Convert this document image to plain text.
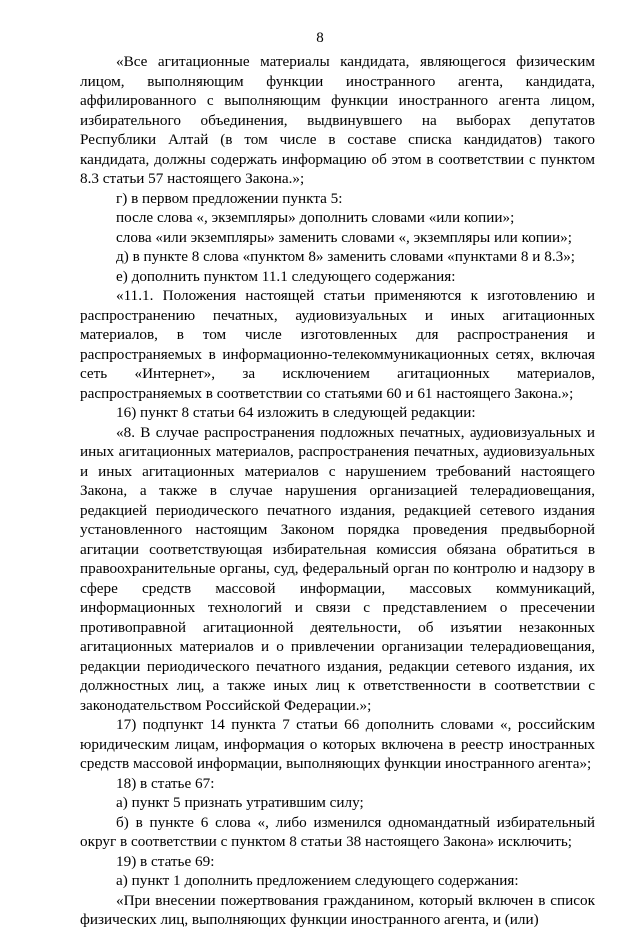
8

«Все агитационные материалы кандидата, являющегося физическим лицом, выполняющим функции иностранного агента, кандидата, аффилированного с выполняющим функции иностранного агента лицом, избирательного объединения, выдвинувшего на выборах депутатов Республики Алтай (в том числе в составе списка кандидатов) такого кандидата, должны содержать информацию об этом в соответствии с пунктом 8.3 статьи 57 настоящего Закона.»;

г) в первом предложении пункта 5:

после слова «, экземпляры» дополнить словами «или копии»;

слова «или экземпляры» заменить словами «, экземпляры или копии»;

д) в пункте 8 слова «пунктом 8» заменить словами «пунктами 8 и 8.3»;

е) дополнить пунктом 11.1 следующего содержания:

«11.1. Положения настоящей статьи применяются к изготовлению и распространению печатных, аудиовизуальных и иных агитационных материалов, в том числе изготовленных для распространения и распространяемых в информационно-телекоммуникационных сетях, включая сеть «Интернет», за исключением агитационных материалов, распространяемых в соответствии со статьями 60 и 61 настоящего Закона.»;

16) пункт 8 статьи 64 изложить в следующей редакции:

«8. В случае распространения подложных печатных, аудиовизуальных и иных агитационных материалов, распространения печатных, аудиовизуальных и иных агитационных материалов с нарушением требований настоящего Закона, а также в случае нарушения организацией телерадиовещания, редакцией периодического печатного издания, редакцией сетевого издания установленного настоящим Законом порядка проведения предвыборной агитации соответствующая избирательная комиссия обязана обратиться в правоохранительные органы, суд, федеральный орган по контролю и надзору в сфере средств массовой информации, массовых коммуникаций, информационных технологий и связи с представлением о пресечении противоправной агитационной деятельности, об изъятии незаконных агитационных материалов и о привлечении организации телерадиовещания, редакции периодического печатного издания, редакции сетевого издания, их должностных лиц, а также иных лиц к ответственности в соответствии с законодательством Российской Федерации.»;

17) подпункт 14 пункта 7 статьи 66 дополнить словами «, российским юридическим лицам, информация о которых включена в реестр иностранных средств массовой информации, выполняющих функции иностранного агента»;

18) в статье 67:

а) пункт 5 признать утратившим силу;

б) в пункте 6 слова «, либо изменился одномандатный избирательный округ в соответствии с пунктом 8 статьи 38 настоящего Закона» исключить;

19) в статье 69:

а) пункт 1 дополнить предложением следующего содержания:

«При внесении пожертвования гражданином, который включен в список физических лиц, выполняющих функции иностранного агента, и (или)
